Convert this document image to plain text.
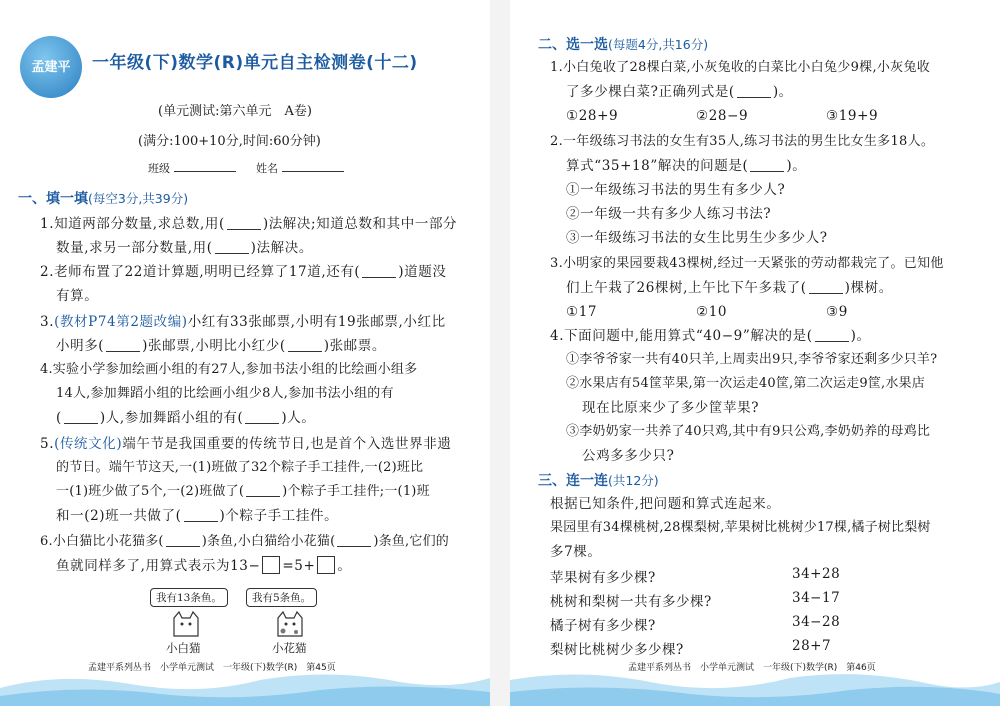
孟建平	一年级(下)数学(R)单元自主检测卷(十二)
(单元测试:第六单元　A卷)
(满分:100+10分,时间:60分钟)
班级	姓名
一、填一填(每空3分,共39分)
1.知道两部分数量,求总数,用(	)法解决;知道总数和其中一部分
数量,求另一部分数量,用(	)法解决。
2.老师布置了22道计算题,明明已经算了17道,还有(	)道题没
有算。
3.(教材P74第2题改编)小红有33张邮票,小明有19张邮票,小红比
小明多(	)张邮票,小明比小红少(	)张邮票。
4.实验小学参加绘画小组的有27人,参加书法小组的比绘画小组多
14人,参加舞蹈小组的比绘画小组少8人,参加书法小组的有
(	)人,参加舞蹈小组的有(	)人。
5.(传统文化)端午节是我国重要的传统节日,也是首个入选世界非遗
的节日。端午节这天,一(1)班做了32个粽子手工挂件,一(2)班比
一(1)班少做了5个,一(2)班做了(	)个粽子手工挂件;一(1)班
和一(2)班一共做了(	)个粽子手工挂件。
6.小白猫比小花猫多(	)条鱼,小白猫给小花猫(	)条鱼,它们的
鱼就同样多了,用算式表示为13− =5+ 。
我有13条鱼。	我有5条鱼。
小白猫	小花猫
孟建平系列丛书　小学单元测试　一年级(下)数学(R)　第45页
二、选一选(每题4分,共16分)
1.小白兔收了28棵白菜,小灰兔收的白菜比小白兔少9棵,小灰兔收
了多少棵白菜?正确列式是(	)。
①28+9	②28−9	③19+9
2.一年级练习书法的女生有35人,练习书法的男生比女生多18人。
算式“35+18”解决的问题是(	)。
①一年级练习书法的男生有多少人?
②一年级一共有多少人练习书法?
③一年级练习书法的女生比男生少多少人?
3.小明家的果园要栽43棵树,经过一天紧张的劳动都栽完了。已知他
们上午栽了26棵树,上午比下午多栽了(	)棵树。
①17	②10	③9
4.下面问题中,能用算式“40−9”解决的是(	)。
①李爷爷家一共有40只羊,上周卖出9只,李爷爷家还剩多少只羊?
②水果店有54筐苹果,第一次运走40筐,第二次运走9筐,水果店
现在比原来少了多少筐苹果?
③李奶奶家一共养了40只鸡,其中有9只公鸡,李奶奶养的母鸡比
公鸡多多少只?
三、连一连(共12分)
根据已知条件,把问题和算式连起来。
果园里有34棵桃树,28棵梨树,苹果树比桃树少17棵,橘子树比梨树
多7棵。
苹果树有多少棵?
桃树和梨树一共有多少棵?
橘子树有多少棵?
梨树比桃树少多少棵?
34+28
34−17
34−28
28+7
孟建平系列丛书　小学单元测试　一年级(下)数学(R)　第46页
